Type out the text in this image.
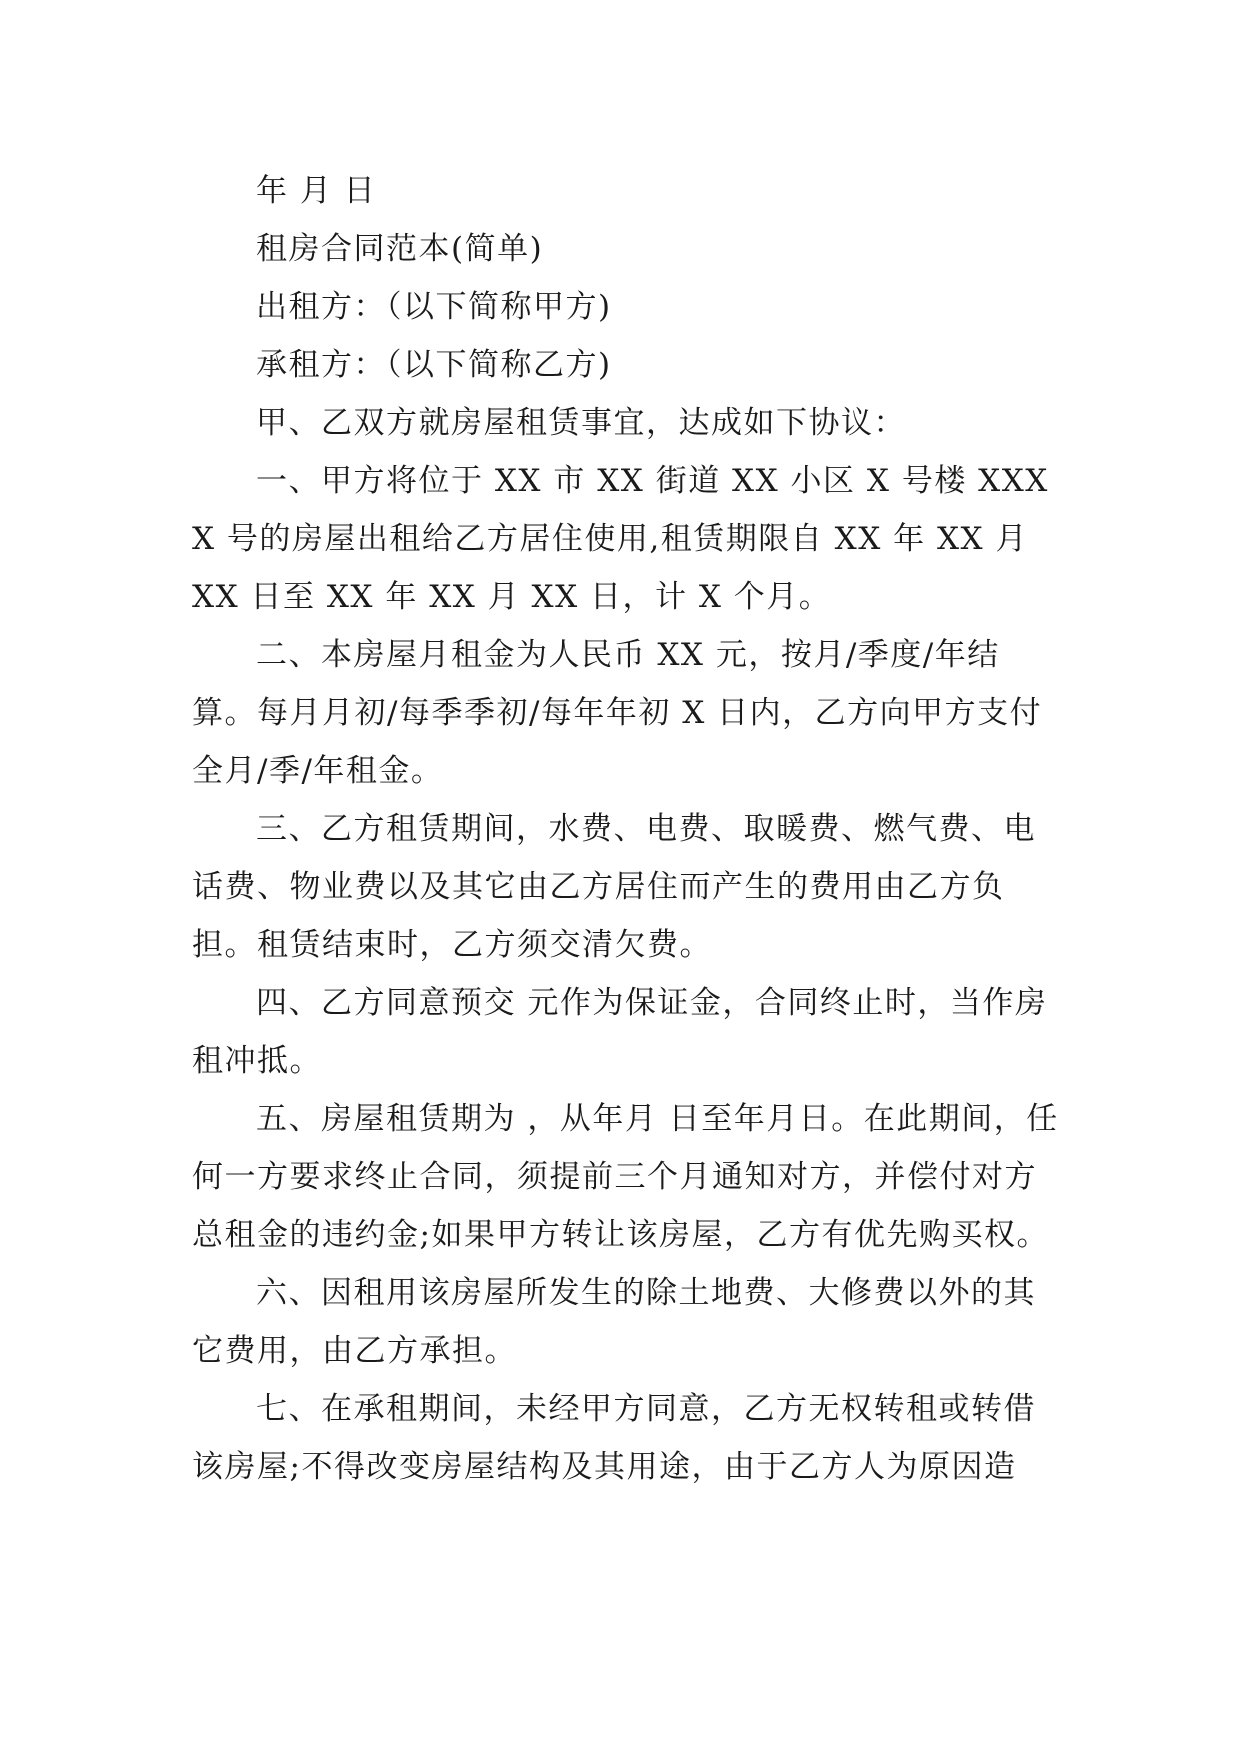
年 月 日

租房合同范本(简单)

出租方：（以下简称甲方)

承租方：（以下简称乙方)

甲、乙双方就房屋租赁事宜，达成如下协议：

一、甲方将位于 XX 市 XX 街道 XX 小区 X 号楼 XXXX 号的房屋出租给乙方居住使用,租赁期限自 XX 年 XX 月 XX 日至 XX 年 XX 月 XX 日，计 X 个月。

二、本房屋月租金为人民币 XX 元，按月/季度/年结算。每月月初/每季季初/每年年初 X 日内，乙方向甲方支付全月/季/年租金。

三、乙方租赁期间，水费、电费、取暖费、燃气费、电话费、物业费以及其它由乙方居住而产生的费用由乙方负担。租赁结束时，乙方须交清欠费。

四、乙方同意预交 元作为保证金，合同终止时，当作房租冲抵。

五、房屋租赁期为 ，从年月 日至年月日。在此期间，任何一方要求终止合同，须提前三个月通知对方，并偿付对方总租金的违约金;如果甲方转让该房屋，乙方有优先购买权。

六、因租用该房屋所发生的除土地费、大修费以外的其它费用，由乙方承担。

七、在承租期间，未经甲方同意，乙方无权转租或转借该房屋;不得改变房屋结构及其用途，由于乙方人为原因造
